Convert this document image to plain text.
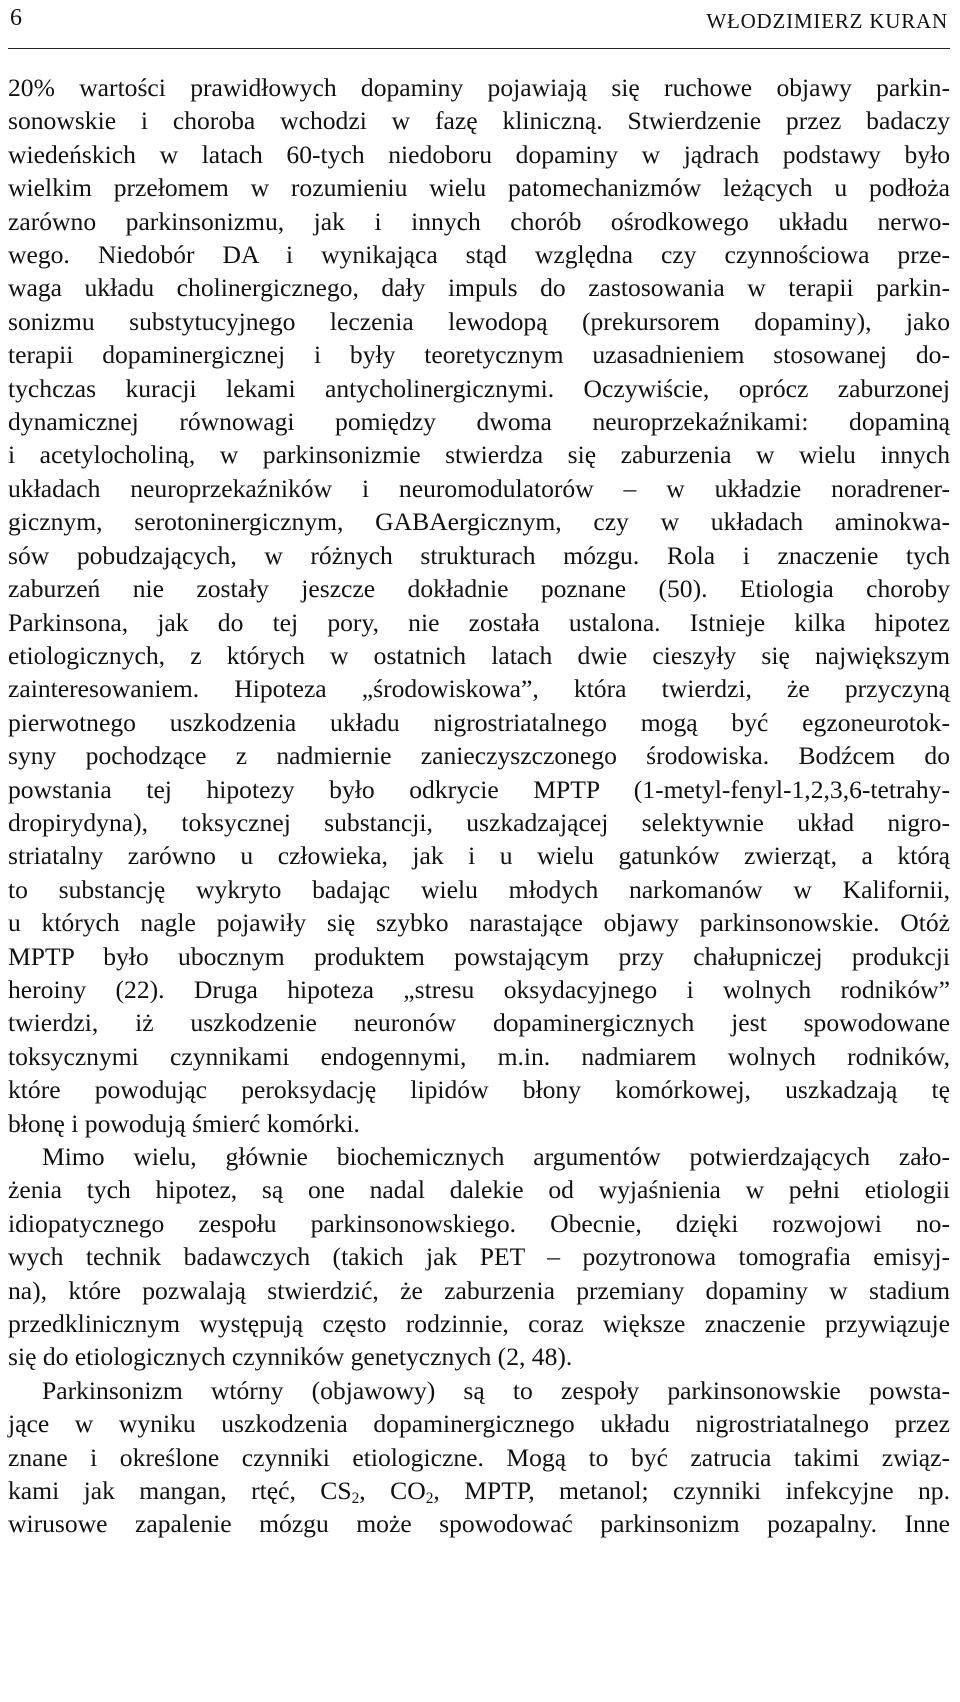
6	WŁODZIMIERZ KURAN
20% wartości prawidłowych dopaminy pojawiają się ruchowe objawy parkin-
sonowskie i choroba wchodzi w fazę kliniczną. Stwierdzenie przez badaczy
wiedeńskich w latach 60-tych niedoboru dopaminy w jądrach podstawy było
wielkim przełomem w rozumieniu wielu patomechanizmów leżących u podłoża
zarówno parkinsonizmu, jak i innych chorób ośrodkowego układu nerwo-
wego. Niedobór DA i wynikająca stąd względna czy czynnościowa prze-
waga układu cholinergicznego, dały impuls do zastosowania w terapii parkin-
sonizmu substytucyjnego leczenia lewodopą (prekursorem dopaminy), jako
terapii dopaminergicznej i były teoretycznym uzasadnieniem stosowanej do-
tychczas kuracji lekami antycholinergicznymi. Oczywiście, oprócz zaburzonej
dynamicznej równowagi pomiędzy dwoma neuroprzekaźnikami: dopaminą
i acetylocholiną, w parkinsonizmie stwierdza się zaburzenia w wielu innych
układach neuroprzekaźników i neuromodulatorów – w układzie noradrener-
gicznym, serotoninergicznym, GABAergicznym, czy w układach aminokwa-
sów pobudzających, w różnych strukturach mózgu. Rola i znaczenie tych
zaburzeń nie zostały jeszcze dokładnie poznane (50). Etiologia choroby
Parkinsona, jak do tej pory, nie została ustalona. Istnieje kilka hipotez
etiologicznych, z których w ostatnich latach dwie cieszyły się największym
zainteresowaniem. Hipoteza „środowiskowa”, która twierdzi, że przyczyną
pierwotnego uszkodzenia układu nigrostriatalnego mogą być egzoneurotok-
syny pochodzące z nadmiernie zanieczyszczonego środowiska. Bodźcem do
powstania tej hipotezy było odkrycie MPTP (1-metyl-fenyl-1,2,3,6-tetrahy-
dropirydyna), toksycznej substancji, uszkadzającej selektywnie układ nigro-
striatalny zarówno u człowieka, jak i u wielu gatunków zwierząt, a którą
to substancję wykryto badając wielu młodych narkomanów w Kalifornii,
u których nagle pojawiły się szybko narastające objawy parkinsonowskie. Otóż
MPTP było ubocznym produktem powstającym przy chałupniczej produkcji
heroiny (22). Druga hipoteza „stresu oksydacyjnego i wolnych rodników”
twierdzi, iż uszkodzenie neuronów dopaminergicznych jest spowodowane
toksycznymi czynnikami endogennymi, m.in. nadmiarem wolnych rodników,
które powodując peroksydację lipidów błony komórkowej, uszkadzają tę
błonę i powodują śmierć komórki.
Mimo wielu, głównie biochemicznych argumentów potwierdzających zało-
żenia tych hipotez, są one nadal dalekie od wyjaśnienia w pełni etiologii
idiopatycznego zespołu parkinsonowskiego. Obecnie, dzięki rozwojowi no-
wych technik badawczych (takich jak PET – pozytronowa tomografia emisyj-
na), które pozwalają stwierdzić, że zaburzenia przemiany dopaminy w stadium
przedklinicznym występują często rodzinnie, coraz większe znaczenie przywiązuje
się do etiologicznych czynników genetycznych (2, 48).
Parkinsonizm wtórny (objawowy) są to zespoły parkinsonowskie powsta-
jące w wyniku uszkodzenia dopaminergicznego układu nigrostriatalnego przez
znane i określone czynniki etiologiczne. Mogą to być zatrucia takimi związ-
kami jak mangan, rtęć, $CS_2$, $CO_2$, MPTP, metanol; czynniki infekcyjne np.
wirusowe zapalenie mózgu może spowodować parkinsonizm pozapalny. Inne
